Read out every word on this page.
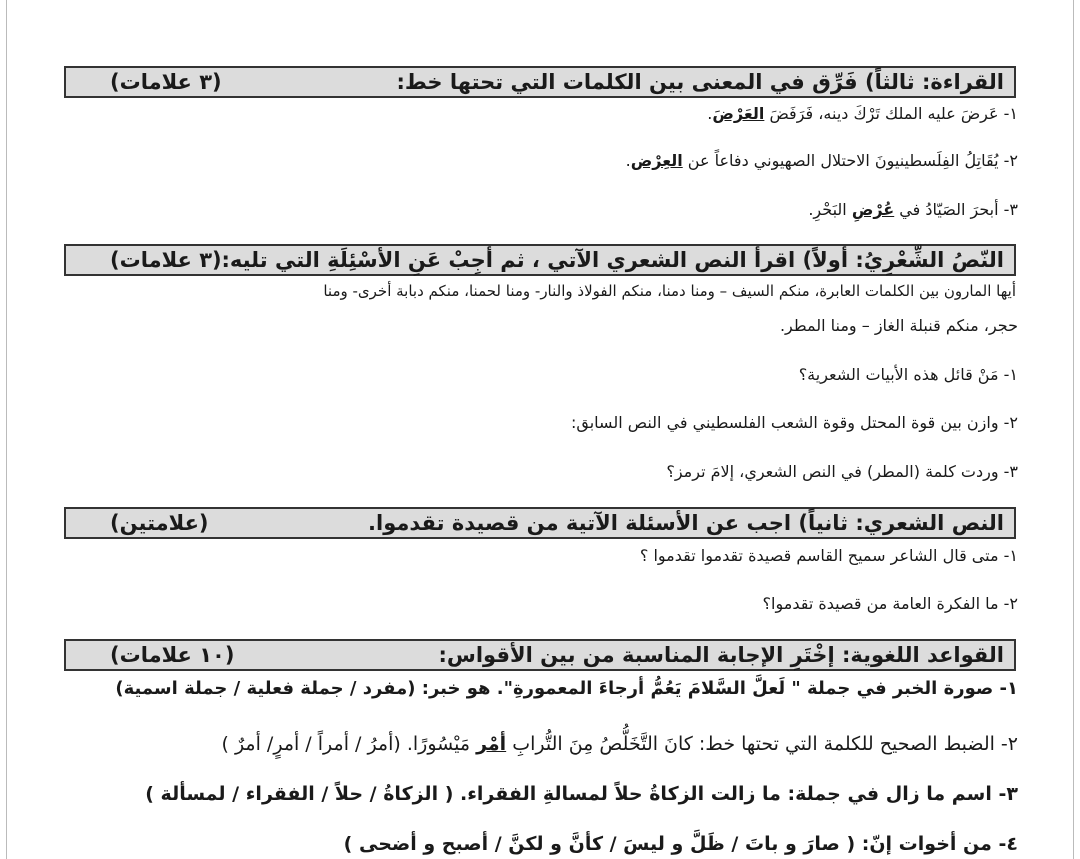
القراءة: ثالثاً) فَرِّق في المعنى بين الكلمات التي تحتها خط:
(٣ علامات)
١- عَرضَ عليه الملك تَرْكَ دينه، فَرَفَضَ العَرْضَ.
٢- يُقَاتِلُ الفِلَسطينيونَ الاحتلال الصهيوني دفاعاً عن العِرْض.
٣- أبحرَ الصَيّادُ في عُرْضِ البَحْرِ.
النّصُ الشِّعْرِيُ: أولاً) اقرأ النص الشعري الآتي ، ثم أجِبْ عَنِ الأسْئِلَةِ التي تليه:
(٣ علامات)
أيها المارون بين الكلمات العابرة، منكم السيف – ومنا دمنا، منكم الفولاذ والنار- ومنا لحمنا، منكم دبابة أخرى- ومنا
حجر، منكم قنبلة الغاز – ومنا المطر.
١- مَنْ قائل هذه الأبيات الشعرية؟
٢- وازن بين قوة المحتل وقوة الشعب الفلسطيني في النص السابق:
٣- وردت كلمة (المطر) في النص الشعري، إلامَ ترمز؟
النص الشعري: ثانياً) اجب عن الأسئلة الآتية من قصيدة تقدموا.
(علامتين)
١- متى قال الشاعر سميح القاسم قصيدة تقدموا تقدموا ؟
٢- ما الفكرة العامة من قصيدة تقدموا؟
القواعد اللغوية: إخْتَرِ الإجابة المناسبة من بين الأقواس:
(١٠ علامات)
١- صورة الخبر في جملة " لَعلَّ السَّلامَ يَعُمُّ أرجاءَ المعمورةِ". هو خبر: (مفرد / جملة فعلية / جملة اسمية)
٢- الضبط الصحيح للكلمة التي تحتها خط: كانَ التَّخَلُّصُ مِنَ التُّرابِ أمْر مَيْسُورًا. (أمرُ / أمراً / أمرٍ/ أمرٌ )
٣- اسم ما زال في جملة: ما زالت الزكاةُ حلاً لمسالةِ الفقراء. ( الزكاةُ / حلاً / الفقراء / لمسألة )
٤- من أخوات إنّ: ( صارَ و باتَ / ظَلَّ و ليسَ / كأنَّ و لكنَّ / أصبح و أضحى )
